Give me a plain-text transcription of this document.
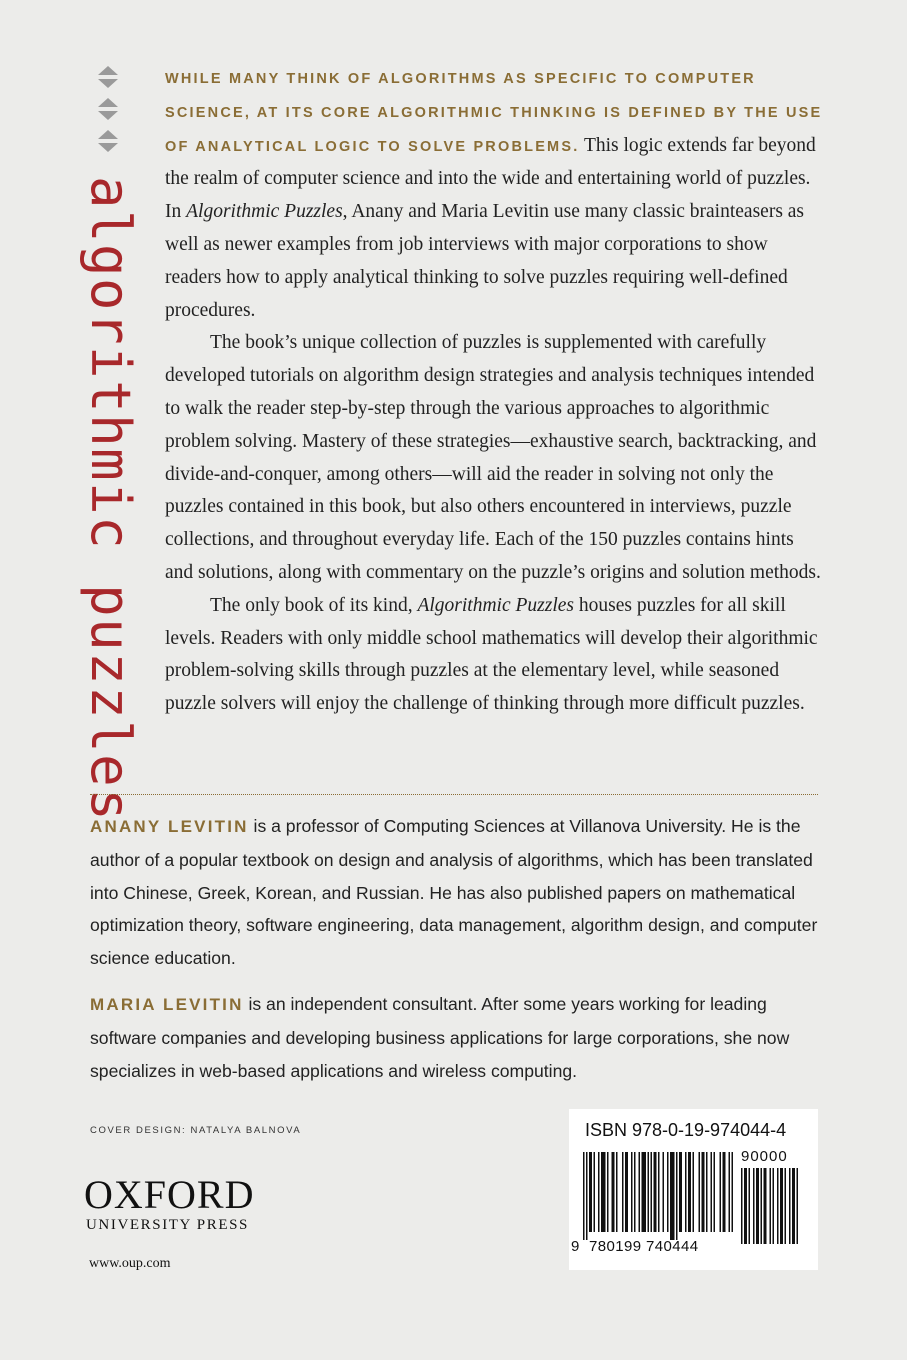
algorithmic puzzles

WHILE MANY THINK OF ALGORITHMS AS SPECIFIC TO COMPUTER SCIENCE, AT ITS CORE ALGORITHMIC THINKING IS DEFINED BY THE USE OF ANALYTICAL LOGIC TO SOLVE PROBLEMS. This logic extends far beyond the realm of computer science and into the wide and entertaining world of puzzles. In Algorithmic Puzzles, Anany and Maria Levitin use many classic brainteasers as well as newer examples from job interviews with major corporations to show readers how to apply analytical thinking to solve puzzles requiring well-defined procedures.

The book’s unique collection of puzzles is supplemented with carefully developed tutorials on algorithm design strategies and analysis techniques intended to walk the reader step-by-step through the various approaches to algorithmic problem solving. Mastery of these strategies—exhaustive search, backtracking, and divide-and-conquer, among others—will aid the reader in solving not only the puzzles contained in this book, but also others encountered in interviews, puzzle collections, and throughout everyday life. Each of the 150 puzzles contains hints and solutions, along with commentary on the puzzle’s origins and solution methods.

The only book of its kind, Algorithmic Puzzles houses puzzles for all skill levels. Readers with only middle school mathematics will develop their algorithmic problem-solving skills through puzzles at the elementary level, while seasoned puzzle solvers will enjoy the challenge of thinking through more difficult puzzles.

ANANY LEVITIN is a professor of Computing Sciences at Villanova University. He is the author of a popular textbook on design and analysis of algorithms, which has been translated into Chinese, Greek, Korean, and Russian. He has also published papers on mathematical optimization theory, software engineering, data management, algorithm design, and computer science education.
MARIA LEVITIN is an independent consultant. After some years working for leading software companies and developing business applications for large corporations, she now specializes in web-based applications and wireless computing.
COVER DESIGN: NATALYA BALNOVA
OXFORD
UNIVERSITY PRESS
www.oup.com
ISBN 978-0-19-974044-4
90000
9 780199 740444
